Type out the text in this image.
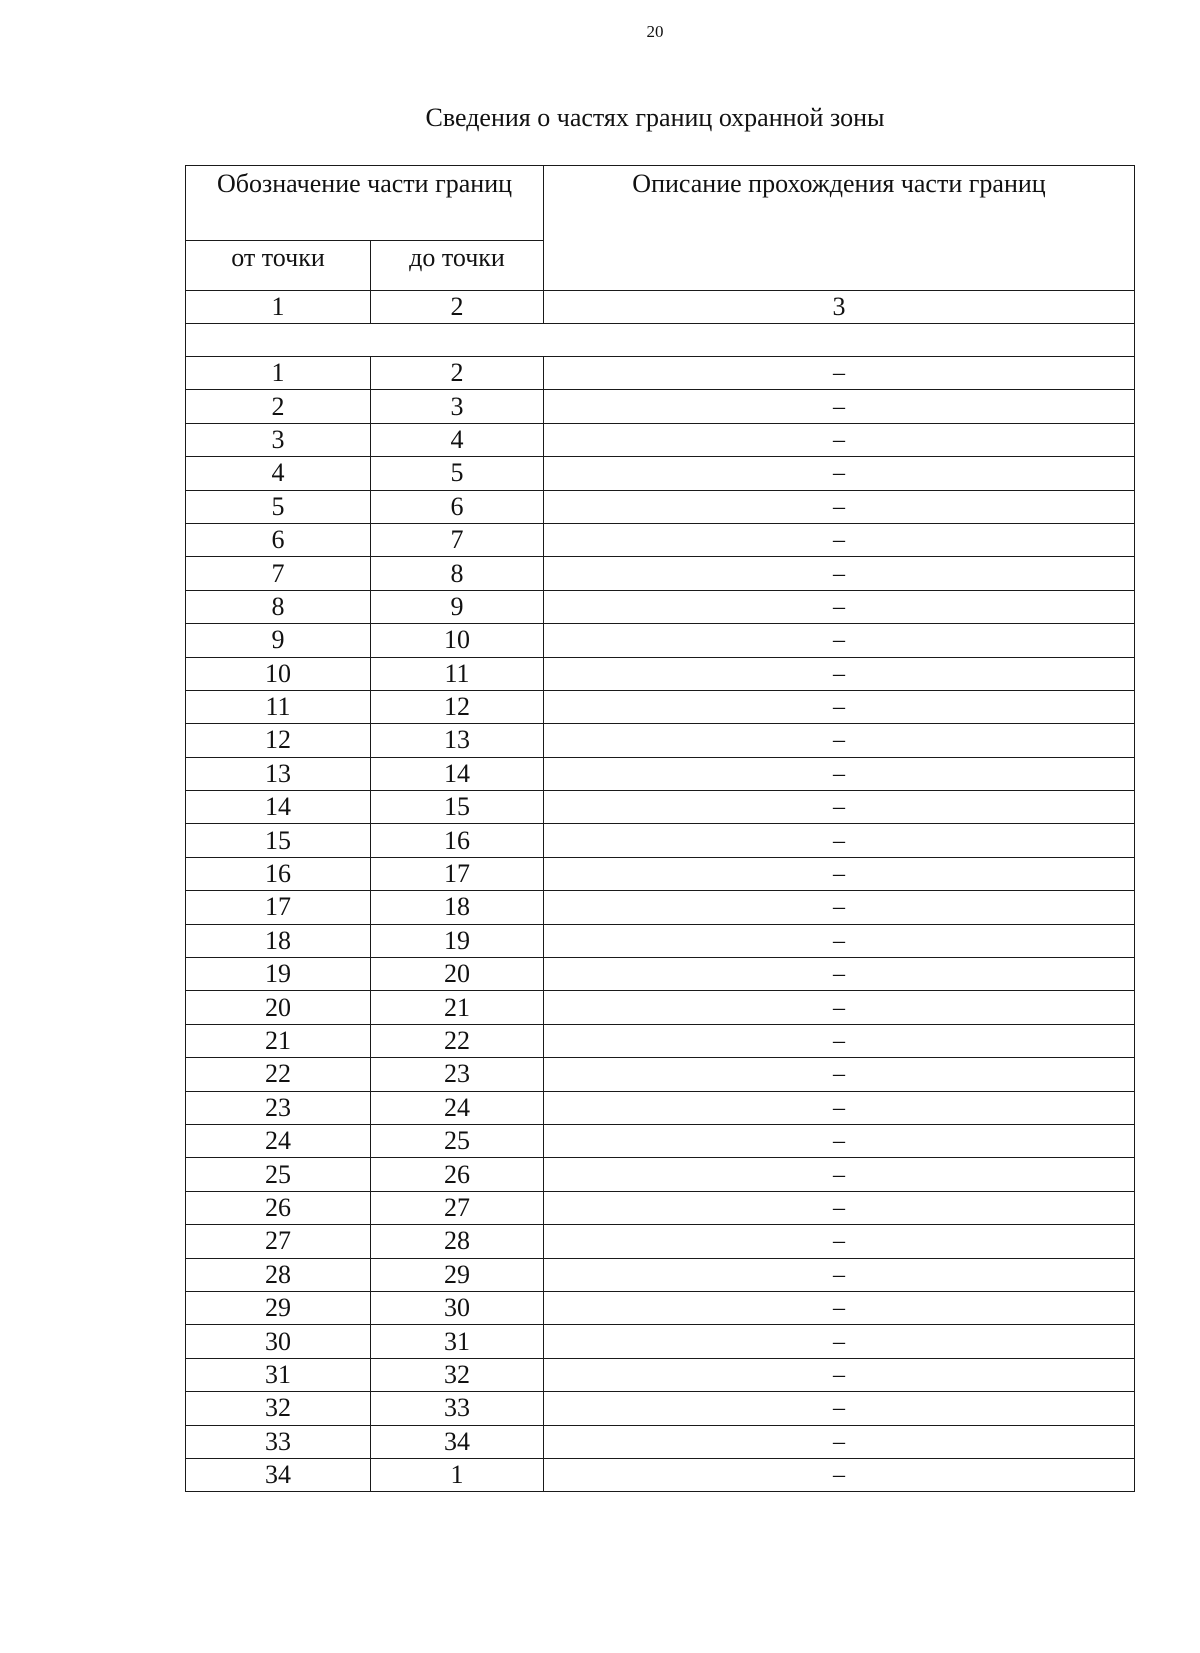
20
Сведения о частях границ охранной зоны
Обозначение части границ		Описание прохождения части границ
от точки	до точки	
1	2	3

1	2	–
2	3	–
3	4	–
4	5	–
5	6	–
6	7	–
7	8	–
8	9	–
9	10	–
10	11	–
11	12	–
12	13	–
13	14	–
14	15	–
15	16	–
16	17	–
17	18	–
18	19	–
19	20	–
20	21	–
21	22	–
22	23	–
23	24	–
24	25	–
25	26	–
26	27	–
27	28	–
28	29	–
29	30	–
30	31	–
31	32	–
32	33	–
33	34	–
34	1	–
